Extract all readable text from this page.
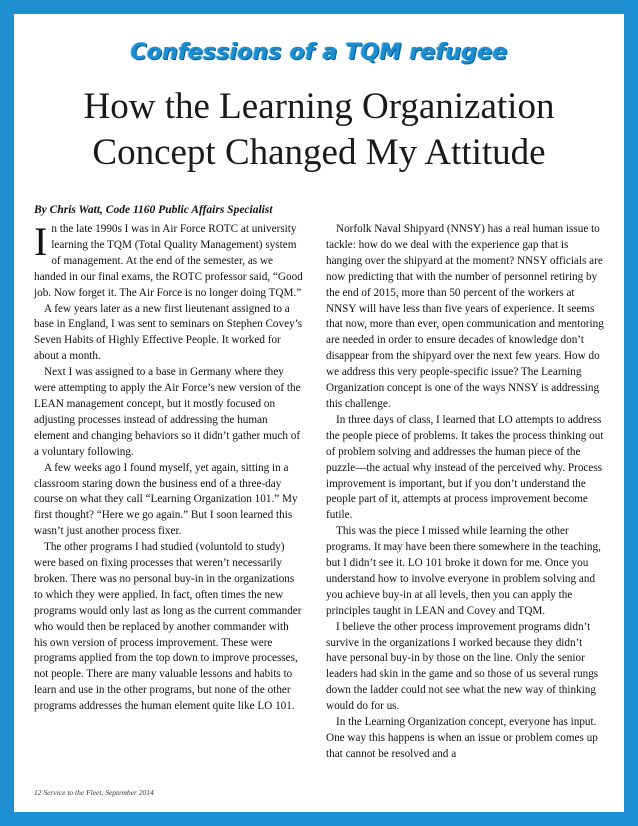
Confessions of a TQM refugee
How the Learning Organization
Concept Changed My Attitude
By Chris Watt, Code 1160 Public Affairs Specialist

In the late 1990s I was in Air Force ROTC at university learning the TQM (Total Quality Management) system of management. At the end of the semester, as we handed in our final exams, the ROTC professor said, “Good job. Now forget it. The Air Force is no longer doing TQM.”

A few years later as a new first lieutenant assigned to a base in England, I was sent to seminars on Stephen Covey’s Seven Habits of Highly Effective People. It worked for about a month.

Next I was assigned to a base in Germany where they were attempting to apply the Air Force’s new version of the LEAN management concept, but it mostly focused on adjusting processes instead of addressing the human element and changing behaviors so it didn’t gather much of a voluntary following.

A few weeks ago I found myself, yet again, sitting in a classroom staring down the business end of a three-day course on what they call “Learning Organization 101.” My first thought? “Here we go again.” But I soon learned this wasn’t just another process fixer.

The other programs I had studied (voluntold to study) were based on fixing processes that weren’t necessarily broken. There was no personal buy-in in the organizations to which they were applied. In fact, often times the new programs would only last as long as the current commander who would then be replaced by another commander with his own version of process improvement. These were programs applied from the top down to improve processes, not people. There are many valuable lessons and habits to learn and use in the other programs, but none of the other programs addresses the human element quite like LO 101.

Norfolk Naval Shipyard (NNSY) has a real human issue to tackle: how do we deal with the experience gap that is hanging over the shipyard at the moment? NNSY officials are now predicting that with the number of personnel retiring by the end of 2015, more than 50 percent of the workers at NNSY will have less than five years of experience. It seems that now, more than ever, open communication and mentoring are needed in order to ensure decades of knowledge don’t disappear from the shipyard over the next few years. How do we address this very people-specific issue? The Learning Organization concept is one of the ways NNSY is addressing this challenge.

In three days of class, I learned that LO attempts to address the people piece of problems. It takes the process thinking out of problem solving and addresses the human piece of the puzzle—the actual why instead of the perceived why. Process improvement is important, but if you don’t understand the people part of it, attempts at process improvement become futile.

This was the piece I missed while learning the other programs. It may have been there somewhere in the teaching, but I didn’t see it. LO 101 broke it down for me. Once you understand how to involve everyone in problem solving and you achieve buy-in at all levels, then you can apply the principles taught in LEAN and Covey and TQM.

I believe the other process improvement programs didn’t survive in the organizations I worked because they didn’t have personal buy-in by those on the line. Only the senior leaders had skin in the game and so those of us several rungs down the ladder could not see what the new way of thinking would do for us.

In the Learning Organization concept, everyone has input. One way this happens is when an issue or problem comes up that cannot be resolved and a

12 Service to the Fleet, September 2014
